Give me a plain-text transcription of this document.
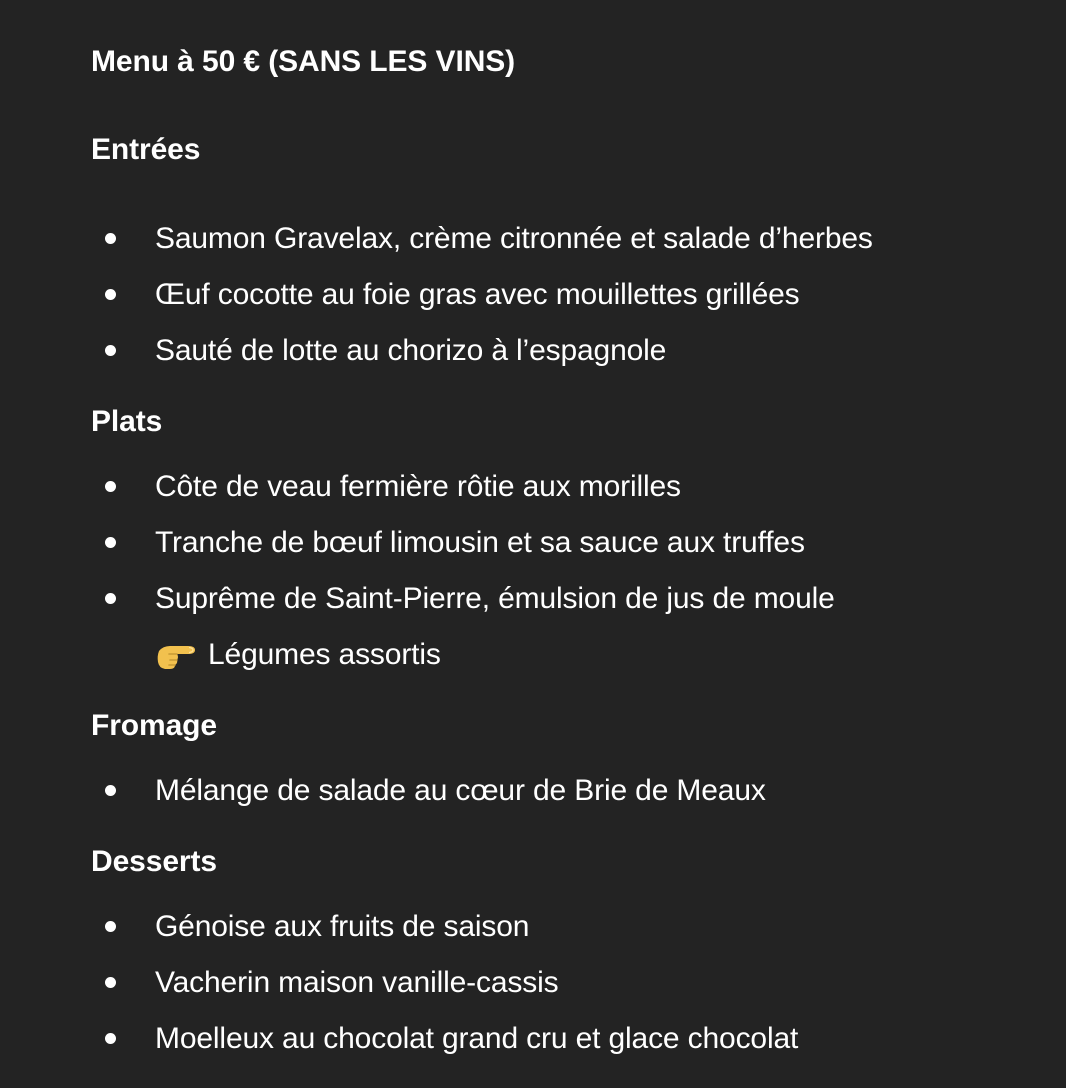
Menu à 50 € (SANS LES VINS)
Entrées
Saumon Gravelax, crème citronnée et salade d’herbes
Œuf cocotte au foie gras avec mouillettes grillées
Sauté de lotte au chorizo à l’espagnole
Plats
Côte de veau fermière rôtie aux morilles
Tranche de bœuf limousin et sa sauce aux truffes
Suprême de Saint-Pierre, émulsion de jus de moule
Légumes assortis
Fromage
Mélange de salade au cœur de Brie de Meaux
Desserts
Génoise aux fruits de saison
Vacherin maison vanille-cassis
Moelleux au chocolat grand cru et glace chocolat
